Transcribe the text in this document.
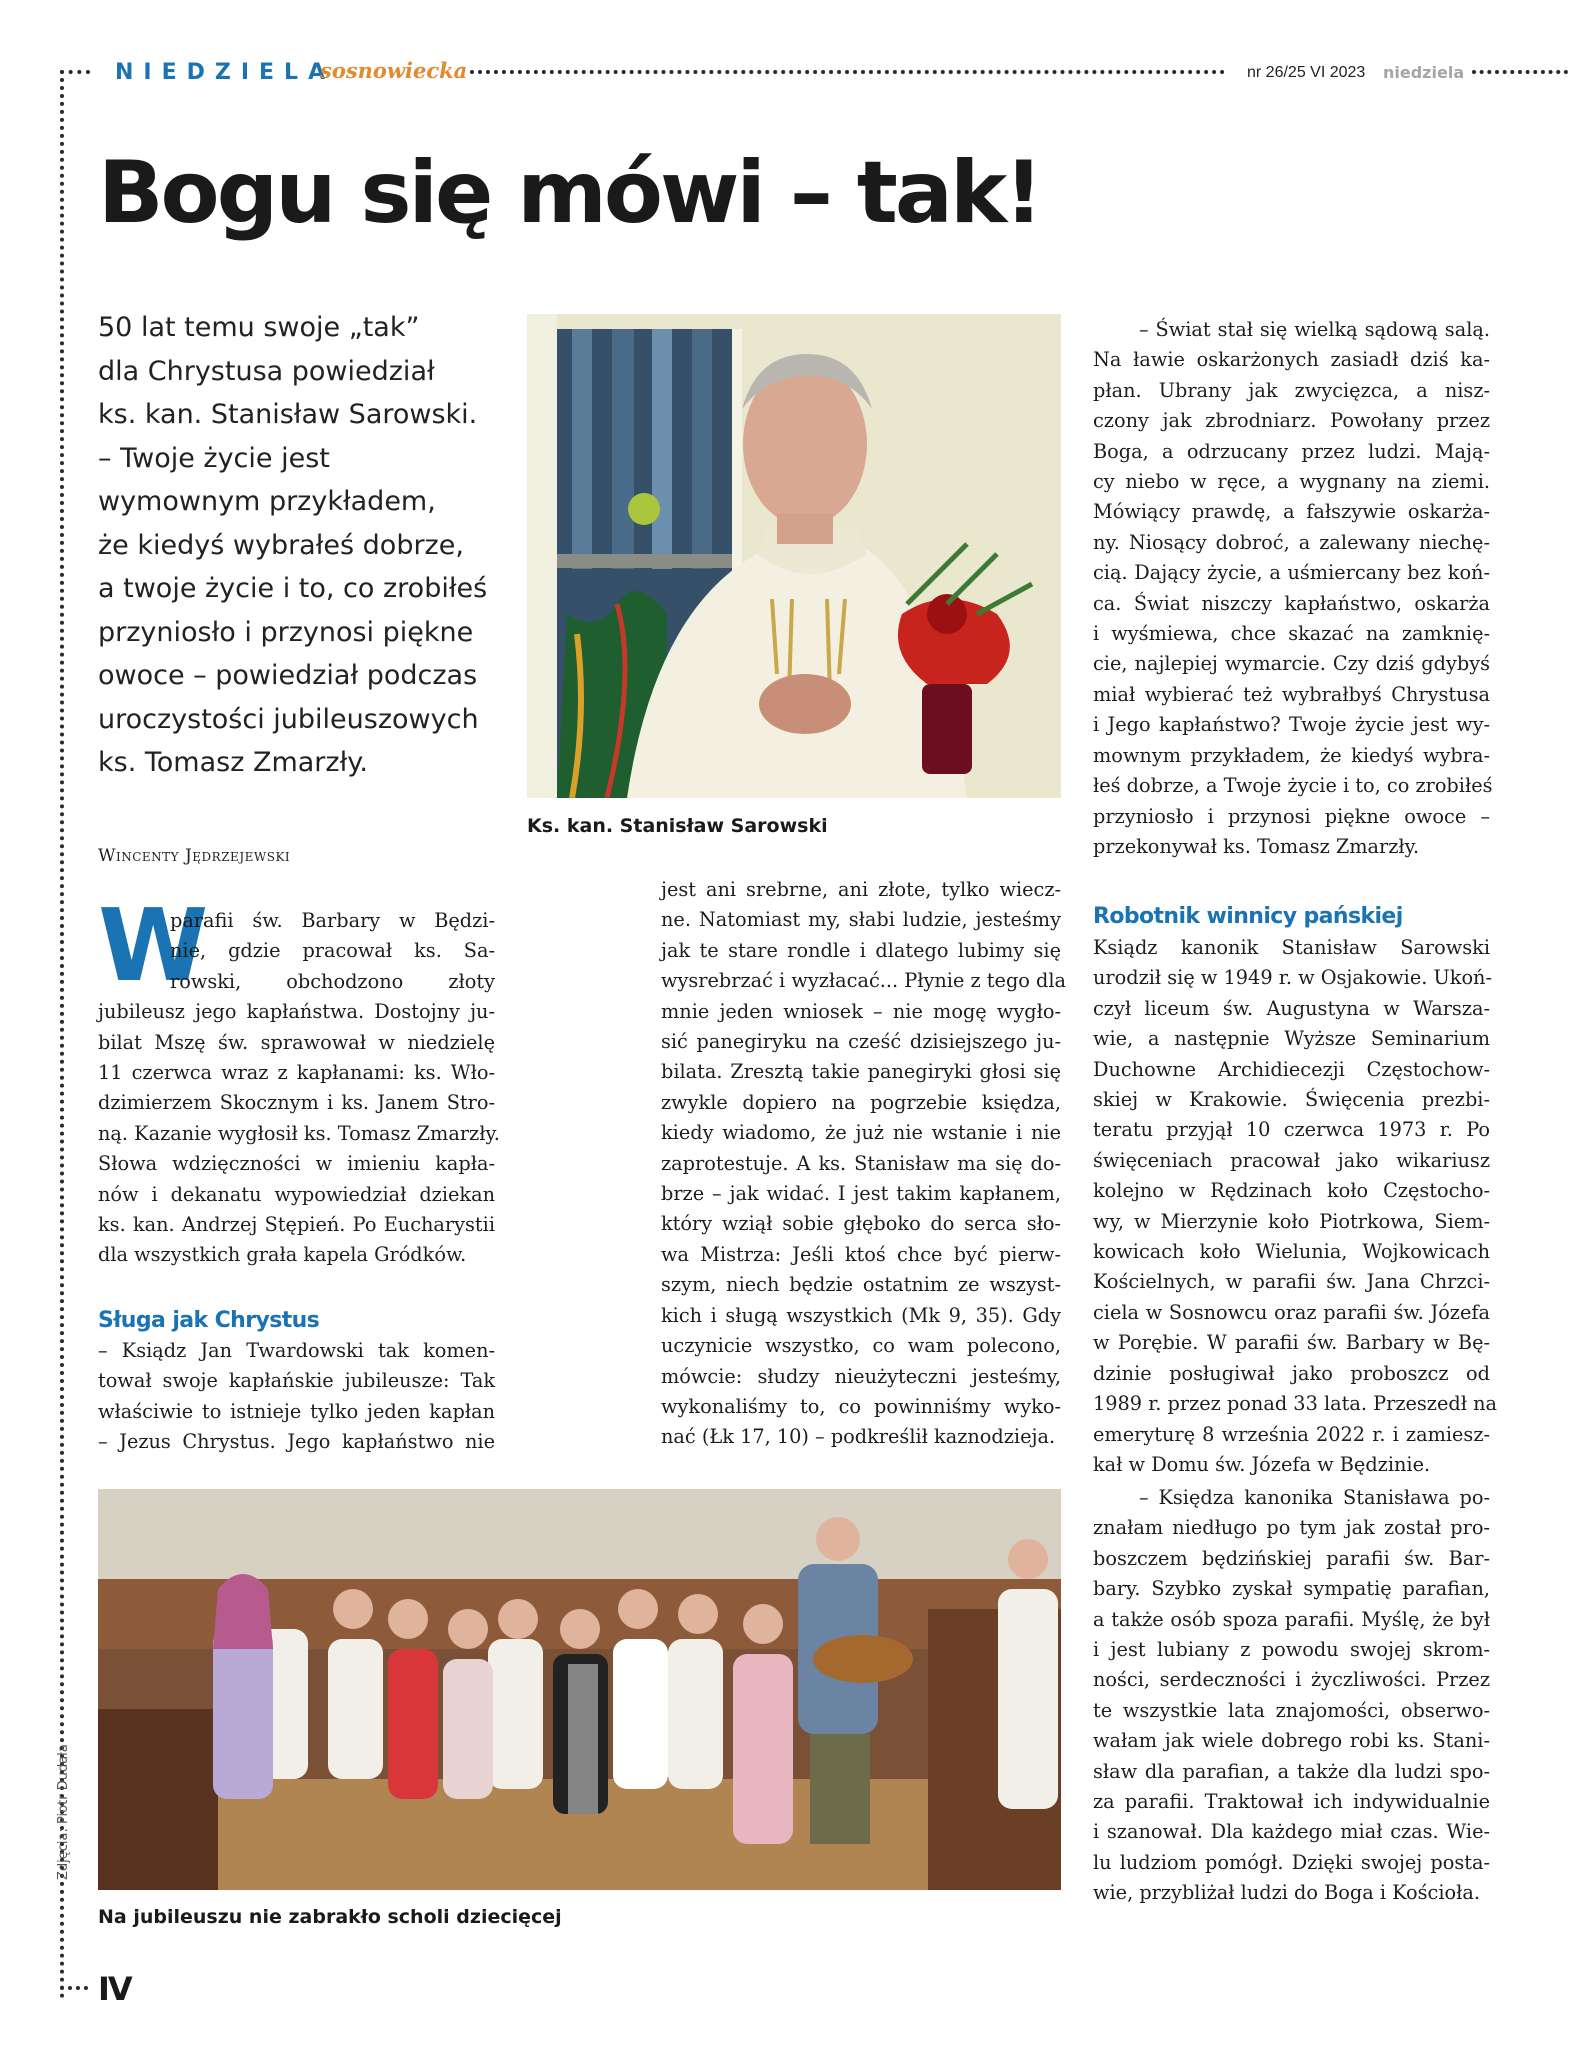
NIEDZIELA
sosnowiecka	nr 26/25 VI 2023 niedziela
Bogu się mówi – tak!
50 lat temu swoje „tak”
dla Chrystusa powiedział
ks. kan. Stanisław Sarowski.
– Twoje życie jest
wymownym przykładem,
że kiedyś wybrałeś dobrze,
a twoje życie i to, co zrobiłeś
przyniosło i przynosi piękne
owoce – powiedział podczas
uroczystości jubileuszowych
ks. Tomasz Zmarzły.
Ks. kan. Stanisław Sarowski
Wincenty Jędrzejewski
W
parafii św. Barbary w Będzi-
nie, gdzie pracował ks. Sa-
rowski, obchodzono złoty
jubileusz jego kapłaństwa. Dostojny ju-
bilat Mszę św. sprawował w niedzielę
11 czerwca wraz z kapłanami: ks. Wło-
dzimierzem Skocznym i ks. Janem Stro-
ną. Kazanie wygłosił ks. Tomasz Zmarzły.
Słowa wdzięczności w imieniu kapła-
nów i dekanatu wypowiedział dziekan
ks. kan. Andrzej Stępień. Po Eucharystii
dla wszystkich grała kapela Gródków.
Sługa jak Chrystus
– Ksiądz Jan Twardowski tak komen-
tował swoje kapłańskie jubileusze: Tak
właściwie to istnieje tylko jeden kapłan
– Jezus Chrystus. Jego kapłaństwo nie
jest ani srebrne, ani złote, tylko wiecz-
ne. Natomiast my, słabi ludzie, jesteśmy
jak te stare rondle i dlatego lubimy się
wysrebrzać i wyzłacać... Płynie z tego dla
mnie jeden wniosek – nie mogę wygło-
sić panegiryku na cześć dzisiejszego ju-
bilata. Zresztą takie panegiryki głosi się
zwykle dopiero na pogrzebie księdza,
kiedy wiadomo, że już nie wstanie i nie
zaprotestuje. A ks. Stanisław ma się do-
brze – jak widać. I jest takim kapłanem,
który wziął sobie głęboko do serca sło-
wa Mistrza: Jeśli ktoś chce być pierw-
szym, niech będzie ostatnim ze wszyst-
kich i sługą wszystkich (Mk 9, 35). Gdy
uczynicie wszystko, co wam polecono,
mówcie: słudzy nieużyteczni jesteśmy,
wykonaliśmy to, co powinniśmy wyko-
nać (Łk 17, 10) – podkreślił kaznodzieja.
– Świat stał się wielką sądową salą.
Na ławie oskarżonych zasiadł dziś ka-
płan. Ubrany jak zwycięzca, a nisz-
czony jak zbrodniarz. Powołany przez
Boga, a odrzucany przez ludzi. Mają-
cy niebo w ręce, a wygnany na ziemi.
Mówiący prawdę, a fałszywie oskarża-
ny. Niosący dobroć, a zalewany niechę-
cią. Dający życie, a uśmiercany bez koń-
ca. Świat niszczy kapłaństwo, oskarża
i wyśmiewa, chce skazać na zamknię-
cie, najlepiej wymarcie. Czy dziś gdybyś
miał wybierać też wybrałbyś Chrystusa
i Jego kapłaństwo? Twoje życie jest wy-
mownym przykładem, że kiedyś wybra-
łeś dobrze, a Twoje życie i to, co zrobiłeś
przyniosło i przynosi piękne owoce –
przekonywał ks. Tomasz Zmarzły.
Robotnik winnicy pańskiej
Ksiądz kanonik Stanisław Sarowski
urodził się w 1949 r. w Osjakowie. Ukoń-
czył liceum św. Augustyna w Warsza-
wie, a następnie Wyższe Seminarium
Duchowne Archidiecezji Częstochow-
skiej w Krakowie. Święcenia prezbi-
teratu przyjął 10 czerwca 1973 r. Po
święceniach pracował jako wikariusz
kolejno w Rędzinach koło Częstocho-
wy, w Mierzynie koło Piotrkowa, Siem-
kowicach koło Wielunia, Wojkowicach
Kościelnych, w parafii św. Jana Chrzci-
ciela w Sosnowcu oraz parafii św. Józefa
w Porębie. W parafii św. Barbary w Bę-
dzinie posługiwał jako proboszcz od
1989 r. przez ponad 33 lata. Przeszedł na
emeryturę 8 września 2022 r. i zamiesz-
kał w Domu św. Józefa w Będzinie.
– Księdza kanonika Stanisława po-
znałam niedługo po tym jak został pro-
boszczem będzińskiej parafii św. Bar-
bary. Szybko zyskał sympatię parafian,
a także osób spoza parafii. Myślę, że był
i jest lubiany z powodu swojej skrom-
ności, serdeczności i życzliwości. Przez
te wszystkie lata znajomości, obserwo-
wałam jak wiele dobrego robi ks. Stani-
sław dla parafian, a także dla ludzi spo-
za parafii. Traktował ich indywidualnie
i szanował. Dla każdego miał czas. Wie-
lu ludziom pomógł. Dzięki swojej posta-
wie, przybliżał ludzi do Boga i Kościoła.
Zdjęcia: Piotr Dudała
Na jubileuszu nie zabrakło scholi dziecięcej
IV
